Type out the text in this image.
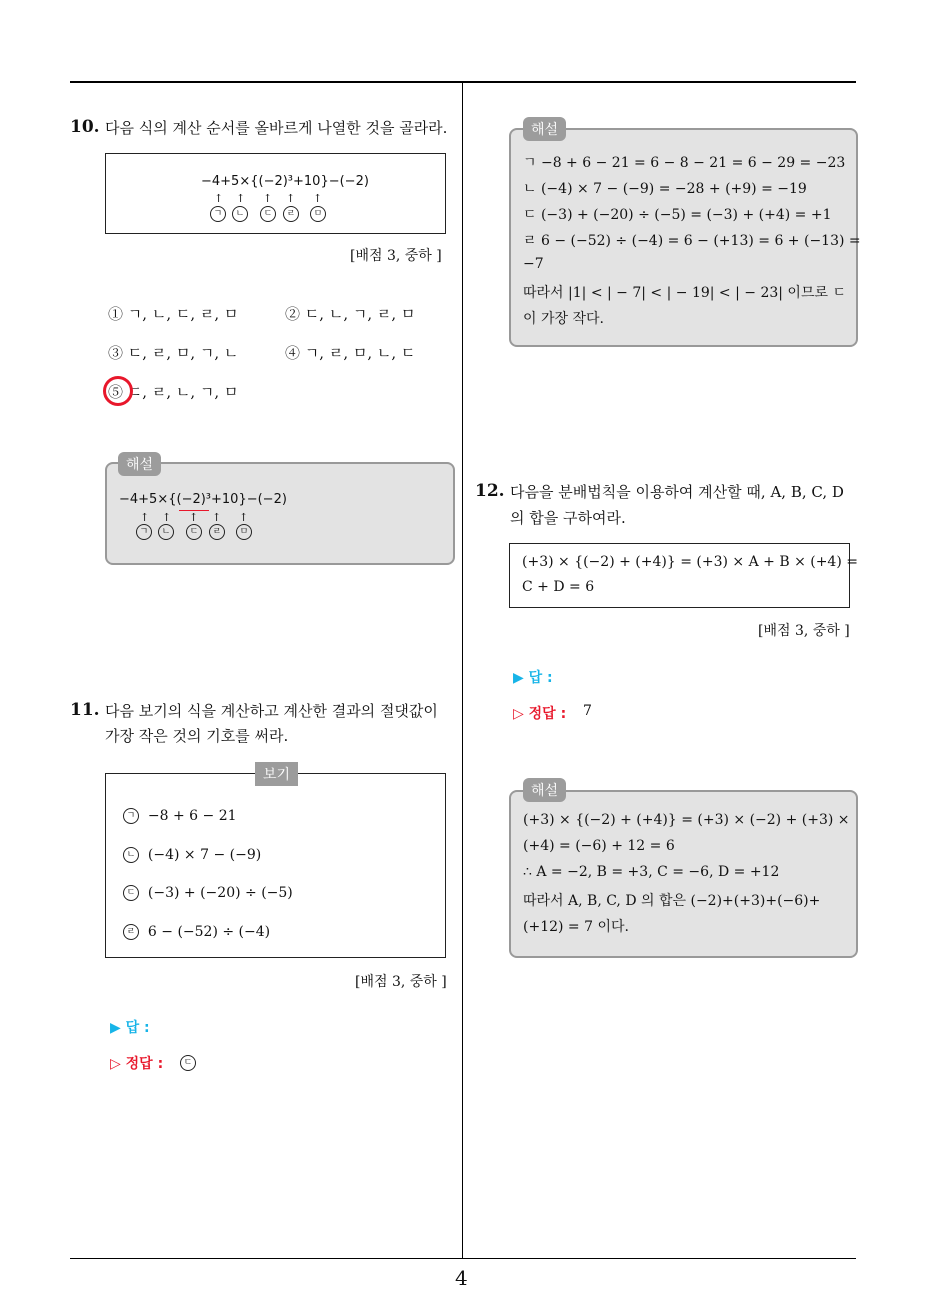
4
10. 다음 식의 계산 순서를 올바르게 나열한 것을 골라라.
−4+5×{(−2)³+10}−(−2)
↑ ↑ ↑ ↑ ↑
ㄱ	ㄴ	ㄷ	ㄹ	ㅁ
[배점 3, 중하 ]
① ㄱ, ㄴ, ㄷ, ㄹ, ㅁ	② ㄷ, ㄴ, ㄱ, ㄹ, ㅁ
③ ㄷ, ㄹ, ㅁ, ㄱ, ㄴ	④ ㄱ, ㄹ, ㅁ, ㄴ, ㄷ
⑤ ㄷ, ㄹ, ㄴ, ㄱ, ㅁ
↑ ↑ ↑ ↑ ↑
ㄱ	ㄴ	ㄷ	ㄹ	ㅁ
−4+5×{(−2)³+10}−(−2)
해설
11. 다음 보기의 식을 계산하고 계산한 결과의 절댓값이
가장 작은 것의 기호를 써라.
ㄱ −8 + 6 − 21
ㄴ (−4) × 7 − (−9)
ㄷ (−3) + (−20) ÷ (−5)
ㄹ 6 − (−52) ÷ (−4)
보기
[배점 3, 중하 ]
▶ 답 :
▷ 정답 :	ㄷ
ㄱ −8 + 6 − 21 = 6 − 8 − 21 = 6 − 29 = −23
ㄴ (−4) × 7 − (−9) = −28 + (+9) = −19
ㄷ (−3) + (−20) ÷ (−5) = (−3) + (+4) = +1
ㄹ 6 − (−52) ÷ (−4) = 6 − (+13) = 6 + (−13) =
−7
따라서 |1| < | − 7| < | − 19| < | − 23| 이므로 ㄷ
이 가장 작다.
해설
12. 다음을 분배법칙을 이용하여 계산할 때, A, B, C, D
의 합을 구하여라.
(+3) × {(−2) + (+4)} = (+3) × A + B × (+4) =
C + D = 6
[배점 3, 중하 ]
▶ 답 :
▷ 정답 : 7
(+3) × {(−2) + (+4)} = (+3) × (−2) + (+3) ×
(+4) = (−6) + 12 = 6
∴ A = −2, B = +3, C = −6, D = +12
따라서 A, B, C, D 의 합은 (−2)+(+3)+(−6)+
(+12) = 7 이다.
해설
